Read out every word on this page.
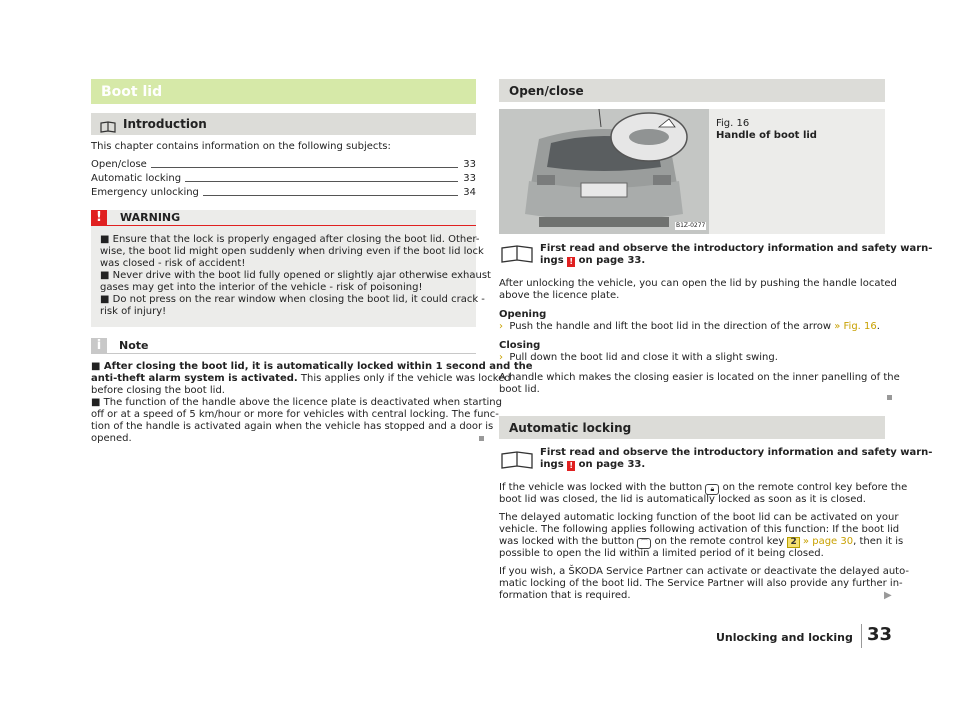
Boot lid
Introduction
This chapter contains information on the following subjects:
Open/close	33
Automatic locking	33
Emergency unlocking	34
!	WARNING
■ Ensure that the lock is properly engaged after closing the boot lid. Other-
wise, the boot lid might open suddenly when driving even if the boot lid lock
was closed - risk of accident!
■ Never drive with the boot lid fully opened or slightly ajar otherwise exhaust
gases may get into the interior of the vehicle - risk of poisoning!
■ Do not press on the rear window when closing the boot lid, it could crack -
risk of injury!
i	Note
■ After closing the boot lid, it is automatically locked within 1 second and the
anti-theft alarm system is activated. This applies only if the vehicle was locked
before closing the boot lid.
■ The function of the handle above the licence plate is deactivated when starting
off or at a speed of 5 km/hour or more for vehicles with central locking. The func-
tion of the handle is activated again when the vehicle has stopped and a door is
opened.
Open/close
B1Z-0277
Fig. 16
Handle of boot lid
First read and observe the introductory information and safety warn-
ings ! on page 33.
After unlocking the vehicle, you can open the lid by pushing the handle located
above the licence plate.
Opening
› Push the handle and lift the boot lid in the direction of the arrow » Fig. 16.
Closing
› Pull down the boot lid and close it with a slight swing.
A handle which makes the closing easier is located on the inner panelling of the
boot lid.
Automatic locking
First read and observe the introductory information and safety warn-
ings ! on page 33.
If the vehicle was locked with the button 🔒︎ on the remote control key before the
boot lid was closed, the lid is automatically locked as soon as it is closed.
The delayed automatic locking function of the boot lid can be activated on your
vehicle. The following applies following activation of this function: If the boot lid
was locked with the button ⌒ on the remote control key 2 » page 30, then it is
possible to open the lid within a limited period of it being closed.
If you wish, a ŠKODA Service Partner can activate or deactivate the delayed auto-
matic locking of the boot lid. The Service Partner will also provide any further in-
formation that is required.	▶
Unlocking and locking 33
